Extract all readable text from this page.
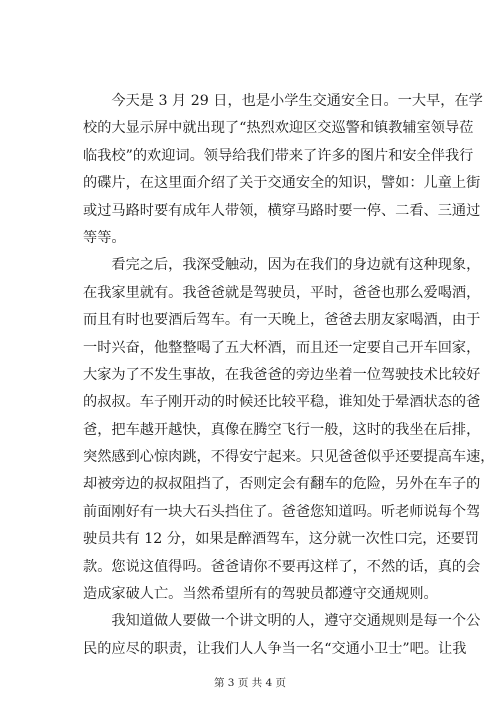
今天是 3 月 29 日，也是小学生交通安全日。一大早，在学
校的大显示屏中就出现了“热烈欢迎区交巡警和镇教辅室领导莅
临我校”的欢迎词。领导给我们带来了许多的图片和安全伴我行
的碟片，在这里面介绍了关于交通安全的知识，譬如：儿童上街
或过马路时要有成年人带领，横穿马路时要一停、二看、三通过
等等。
看完之后，我深受触动，因为在我们的身边就有这种现象，
在我家里就有。我爸爸就是驾驶员，平时，爸爸也那么爱喝酒，
而且有时也要酒后驾车。有一天晚上，爸爸去朋友家喝酒，由于
一时兴奋，他整整喝了五大杯酒，而且还一定要自己开车回家，
大家为了不发生事故，在我爸爸的旁边坐着一位驾驶技术比较好
的叔叔。车子刚开动的时候还比较平稳，谁知处于晕酒状态的爸
爸，把车越开越快，真像在腾空飞行一般，这时的我坐在后排，
突然感到心惊肉跳，不得安宁起来。只见爸爸似乎还要提高车速，
却被旁边的叔叔阻挡了，否则定会有翻车的危险，另外在车子的
前面刚好有一块大石头挡住了。爸爸您知道吗。听老师说每个驾
驶员共有 12 分，如果是醉酒驾车，这分就一次性口完，还要罚
款。您说这值得吗。爸爸请你不要再这样了，不然的话，真的会
造成家破人亡。当然希望所有的驾驶员都遵守交通规则。
我知道做人要做一个讲文明的人，遵守交通规则是每一个公
民的应尽的职责，让我们人人争当一名“交通小卫士”吧。让我
第 3 页 共 4 页
